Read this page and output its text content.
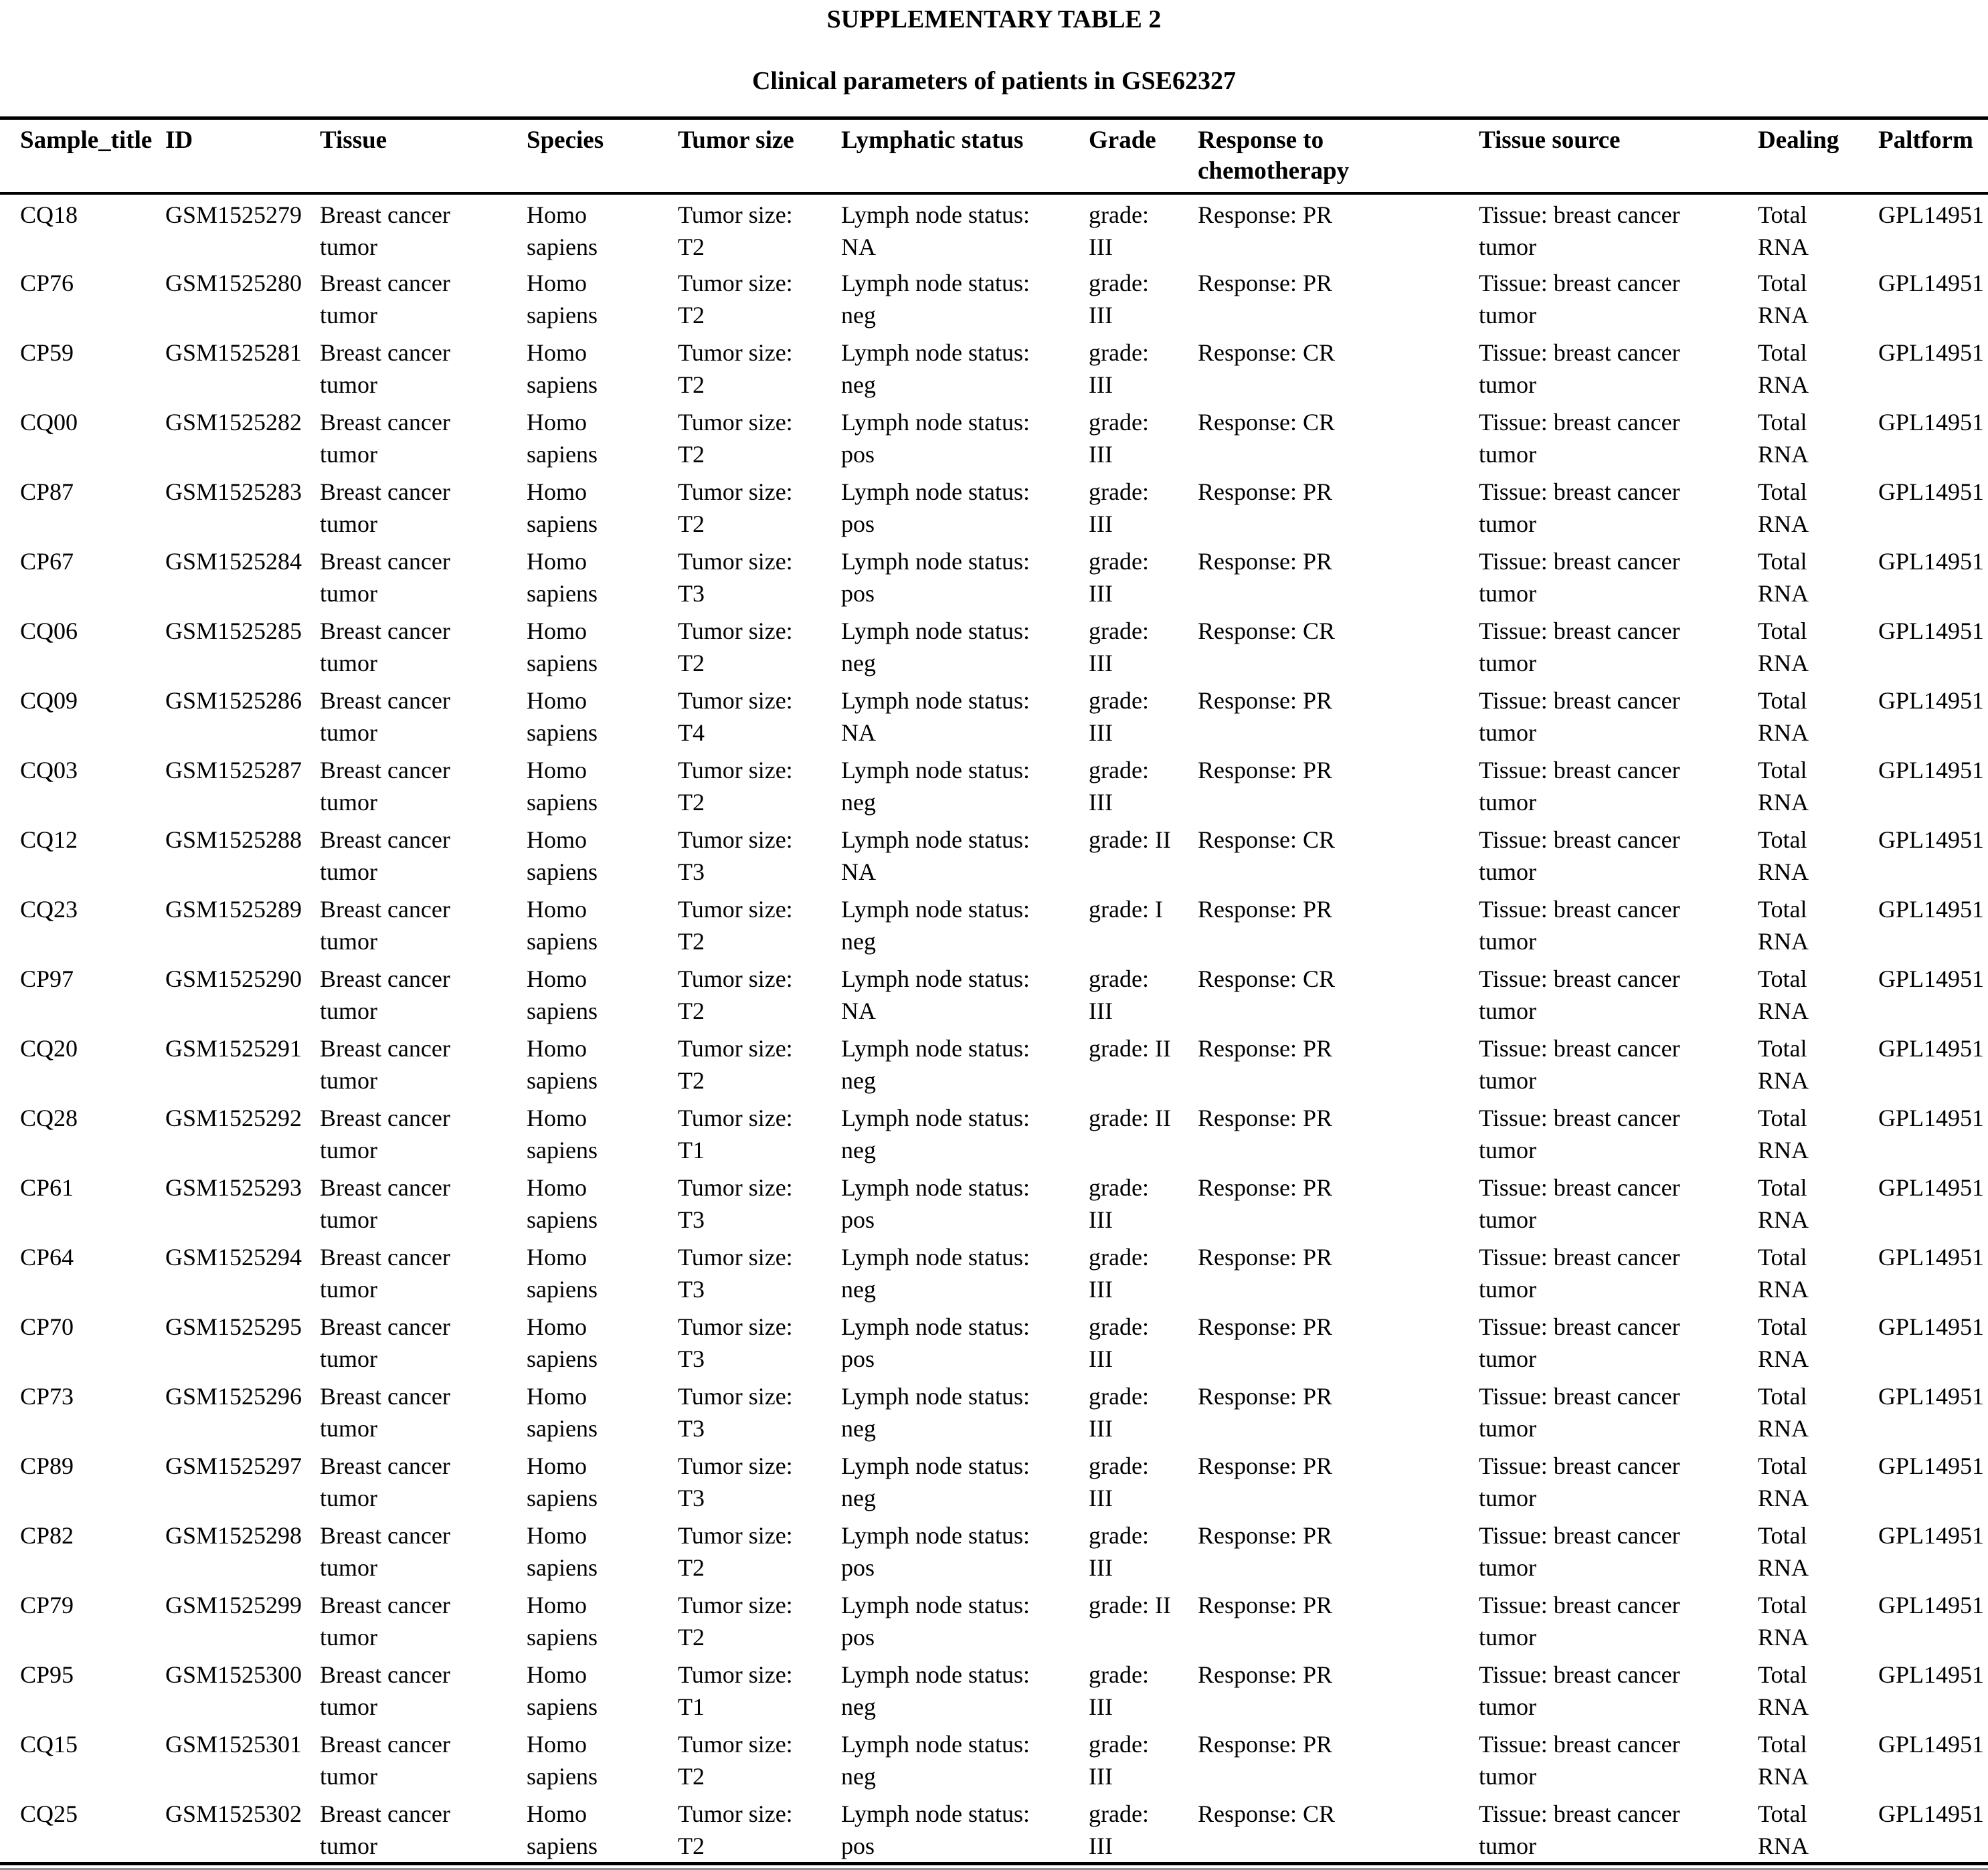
SUPPLEMENTARY TABLE 2
Clinical parameters of patients in GSE62327
Sample_title	ID	Tissue	Species	Tumor size	Lymphatic status	Grade	Response to chemotherapy	Tissue source	Dealing	Paltform
CQ18	GSM1525279	Breast cancer tumor	Homo sapiens	Tumor size: T2	Lymph node status: NA	grade: III	Response: PR	Tissue: breast cancer tumor	Total RNA	GPL14951
CP76	GSM1525280	Breast cancer tumor	Homo sapiens	Tumor size: T2	Lymph node status: neg	grade: III	Response: PR	Tissue: breast cancer tumor	Total RNA	GPL14951
CP59	GSM1525281	Breast cancer tumor	Homo sapiens	Tumor size: T2	Lymph node status: neg	grade: III	Response: CR	Tissue: breast cancer tumor	Total RNA	GPL14951
CQ00	GSM1525282	Breast cancer tumor	Homo sapiens	Tumor size: T2	Lymph node status: pos	grade: III	Response: CR	Tissue: breast cancer tumor	Total RNA	GPL14951
CP87	GSM1525283	Breast cancer tumor	Homo sapiens	Tumor size: T2	Lymph node status: pos	grade: III	Response: PR	Tissue: breast cancer tumor	Total RNA	GPL14951
CP67	GSM1525284	Breast cancer tumor	Homo sapiens	Tumor size: T3	Lymph node status: pos	grade: III	Response: PR	Tissue: breast cancer tumor	Total RNA	GPL14951
CQ06	GSM1525285	Breast cancer tumor	Homo sapiens	Tumor size: T2	Lymph node status: neg	grade: III	Response: CR	Tissue: breast cancer tumor	Total RNA	GPL14951
CQ09	GSM1525286	Breast cancer tumor	Homo sapiens	Tumor size: T4	Lymph node status: NA	grade: III	Response: PR	Tissue: breast cancer tumor	Total RNA	GPL14951
CQ03	GSM1525287	Breast cancer tumor	Homo sapiens	Tumor size: T2	Lymph node status: neg	grade: III	Response: PR	Tissue: breast cancer tumor	Total RNA	GPL14951
CQ12	GSM1525288	Breast cancer tumor	Homo sapiens	Tumor size: T3	Lymph node status: NA	grade: II	Response: CR	Tissue: breast cancer tumor	Total RNA	GPL14951
CQ23	GSM1525289	Breast cancer tumor	Homo sapiens	Tumor size: T2	Lymph node status: neg	grade: I	Response: PR	Tissue: breast cancer tumor	Total RNA	GPL14951
CP97	GSM1525290	Breast cancer tumor	Homo sapiens	Tumor size: T2	Lymph node status: NA	grade: III	Response: CR	Tissue: breast cancer tumor	Total RNA	GPL14951
CQ20	GSM1525291	Breast cancer tumor	Homo sapiens	Tumor size: T2	Lymph node status: neg	grade: II	Response: PR	Tissue: breast cancer tumor	Total RNA	GPL14951
CQ28	GSM1525292	Breast cancer tumor	Homo sapiens	Tumor size: T1	Lymph node status: neg	grade: II	Response: PR	Tissue: breast cancer tumor	Total RNA	GPL14951
CP61	GSM1525293	Breast cancer tumor	Homo sapiens	Tumor size: T3	Lymph node status: pos	grade: III	Response: PR	Tissue: breast cancer tumor	Total RNA	GPL14951
CP64	GSM1525294	Breast cancer tumor	Homo sapiens	Tumor size: T3	Lymph node status: neg	grade: III	Response: PR	Tissue: breast cancer tumor	Total RNA	GPL14951
CP70	GSM1525295	Breast cancer tumor	Homo sapiens	Tumor size: T3	Lymph node status: pos	grade: III	Response: PR	Tissue: breast cancer tumor	Total RNA	GPL14951
CP73	GSM1525296	Breast cancer tumor	Homo sapiens	Tumor size: T3	Lymph node status: neg	grade: III	Response: PR	Tissue: breast cancer tumor	Total RNA	GPL14951
CP89	GSM1525297	Breast cancer tumor	Homo sapiens	Tumor size: T3	Lymph node status: neg	grade: III	Response: PR	Tissue: breast cancer tumor	Total RNA	GPL14951
CP82	GSM1525298	Breast cancer tumor	Homo sapiens	Tumor size: T2	Lymph node status: pos	grade: III	Response: PR	Tissue: breast cancer tumor	Total RNA	GPL14951
CP79	GSM1525299	Breast cancer tumor	Homo sapiens	Tumor size: T2	Lymph node status: pos	grade: II	Response: PR	Tissue: breast cancer tumor	Total RNA	GPL14951
CP95	GSM1525300	Breast cancer tumor	Homo sapiens	Tumor size: T1	Lymph node status: neg	grade: III	Response: PR	Tissue: breast cancer tumor	Total RNA	GPL14951
CQ15	GSM1525301	Breast cancer tumor	Homo sapiens	Tumor size: T2	Lymph node status: neg	grade: III	Response: PR	Tissue: breast cancer tumor	Total RNA	GPL14951
CQ25	GSM1525302	Breast cancer tumor	Homo sapiens	Tumor size: T2	Lymph node status: pos	grade: III	Response: CR	Tissue: breast cancer tumor	Total RNA	GPL14951
